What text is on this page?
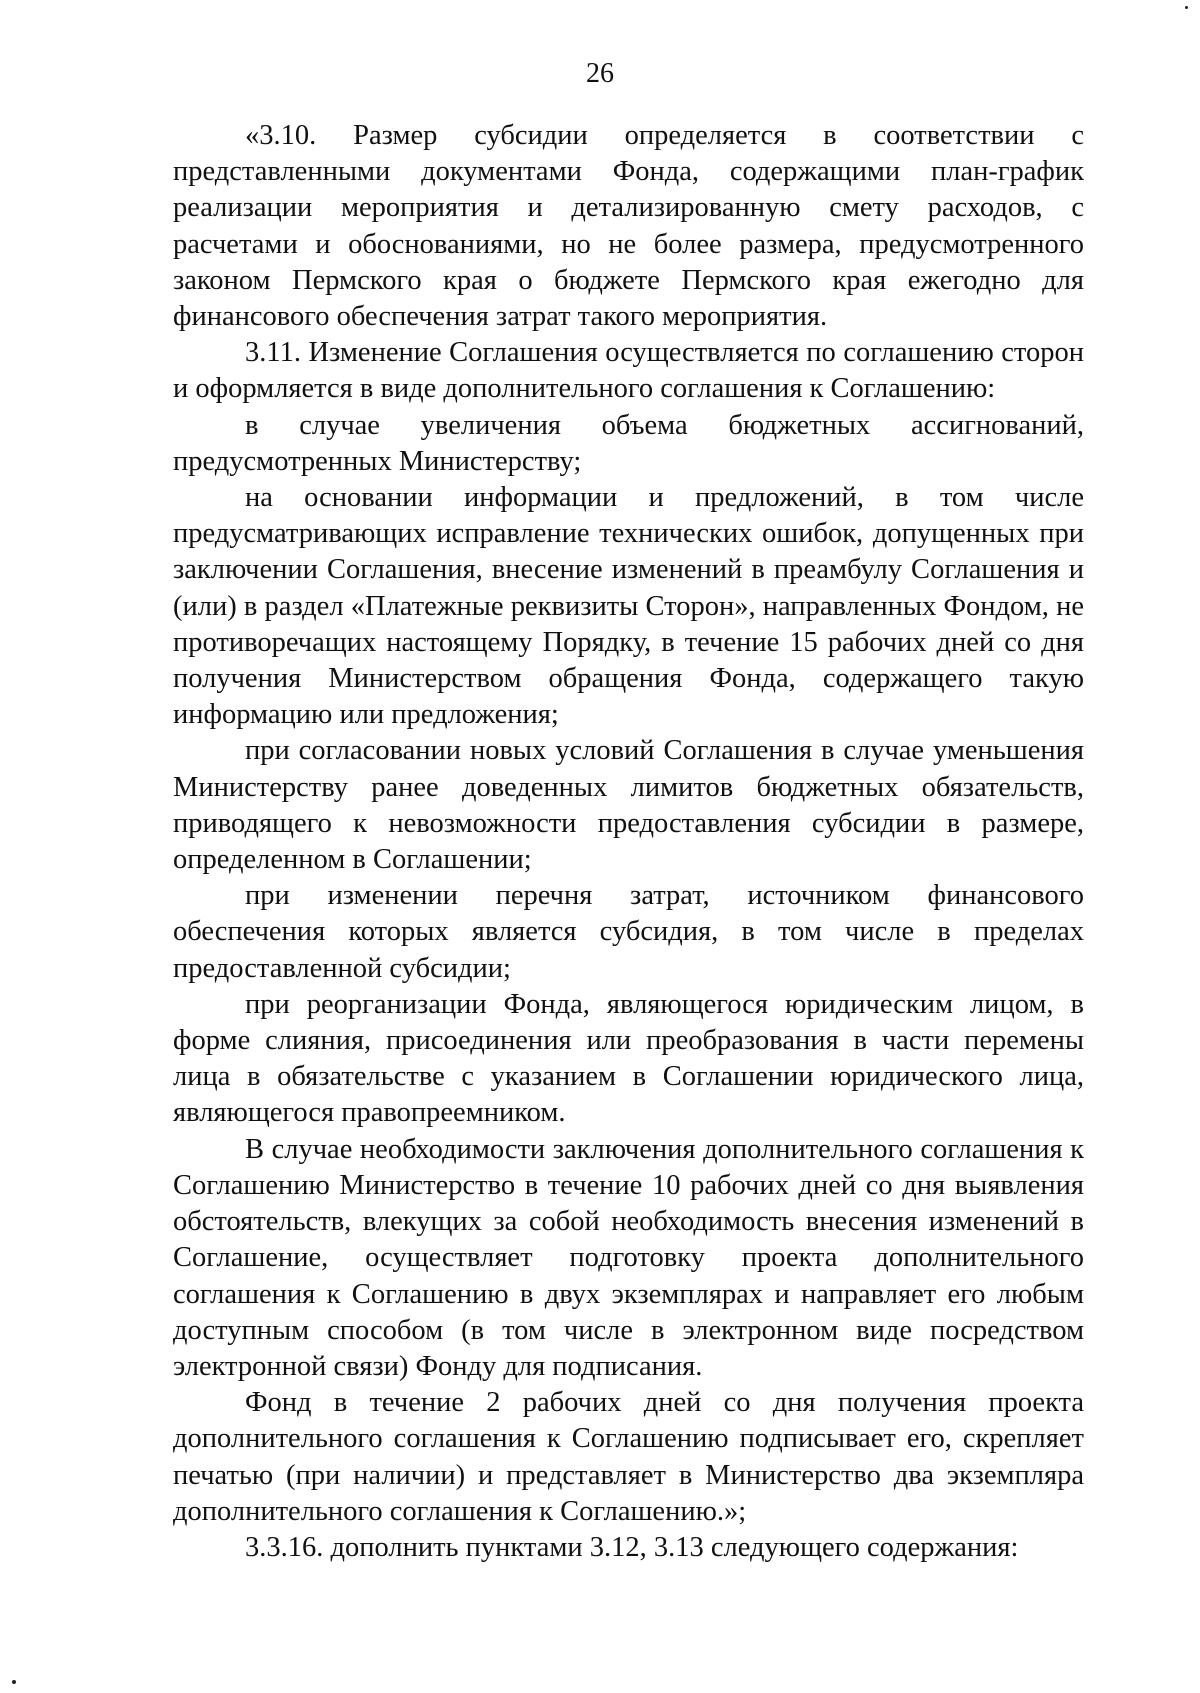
26

«3.10. Размер субсидии определяется в соответствии с представленными документами Фонда, содержащими план-график реализации мероприятия и детализированную смету расходов, с расчетами и обоснованиями, но не более размера, предусмотренного законом Пермского края о бюджете Пермского края ежегодно для финансового обеспечения затрат такого мероприятия.

3.11. Изменение Соглашения осуществляется по соглашению сторон и оформляется в виде дополнительного соглашения к Соглашению:

в случае увеличения объема бюджетных ассигнований, предусмотренных Министерству;

на основании информации и предложений, в том числе предусматривающих исправление технических ошибок, допущенных при заключении Соглашения, внесение изменений в преамбулу Соглашения и (или) в раздел «Платежные реквизиты Сторон», направленных Фондом, не противоречащих настоящему Порядку, в течение 15 рабочих дней со дня получения Министерством обращения Фонда, содержащего такую информацию или предложения;

при согласовании новых условий Соглашения в случае уменьшения Министерству ранее доведенных лимитов бюджетных обязательств, приводящего к невозможности предоставления субсидии в размере, определенном в Соглашении;

при изменении перечня затрат, источником финансового обеспечения которых является субсидия, в том числе в пределах предоставленной субсидии;

при реорганизации Фонда, являющегося юридическим лицом, в форме слияния, присоединения или преобразования в части перемены лица в обязательстве с указанием в Соглашении юридического лица, являющегося правопреемником.

В случае необходимости заключения дополнительного соглашения к Соглашению Министерство в течение 10 рабочих дней со дня выявления обстоятельств, влекущих за собой необходимость внесения изменений в Соглашение, осуществляет подготовку проекта дополнительного соглашения к Соглашению в двух экземплярах и направляет его любым доступным способом (в том числе в электронном виде посредством электронной связи) Фонду для подписания.

Фонд в течение 2 рабочих дней со дня получения проекта дополнительного соглашения к Соглашению подписывает его, скрепляет печатью (при наличии) и представляет в Министерство два экземпляра дополнительного соглашения к Соглашению.»;

3.3.16. дополнить пунктами 3.12, 3.13 следующего содержания:
